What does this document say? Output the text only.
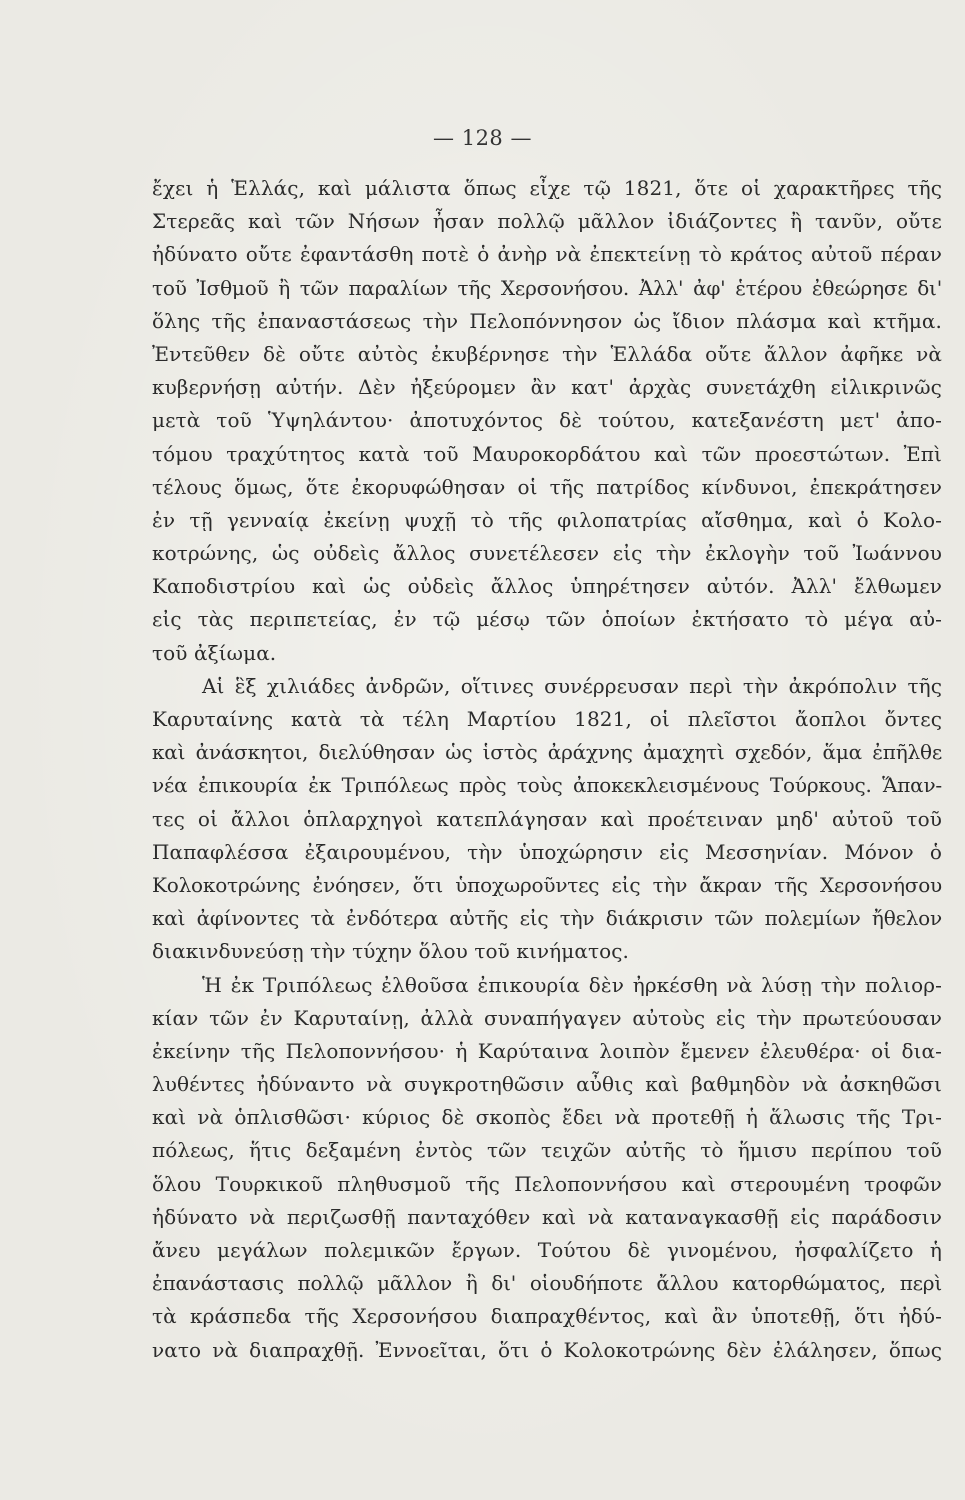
— 128 —
ἔχει ἡ Ἑλλάς, καὶ μάλιστα ὅπως εἶχε τῷ 1821, ὅτε οἱ χαρακτῆρες τῆς
Στερεᾶς καὶ τῶν Νήσων ἦσαν πολλῷ μᾶλλον ἰδιάζοντες ἢ τανῦν, οὔτε
ἠδύνατο οὔτε ἐφαντάσθη ποτὲ ὁ ἀνὴρ νὰ ἐπεκτείνῃ τὸ κράτος αὐτοῦ πέραν
τοῦ Ἰσθμοῦ ἢ τῶν παραλίων τῆς Χερσονήσου. Ἀλλ' ἀφ' ἑτέρου ἐθεώρησε δι'
ὅλης τῆς ἐπαναστάσεως τὴν Πελοπόννησον ὡς ἴδιον πλάσμα καὶ κτῆμα.
Ἐντεῦθεν δὲ οὔτε αὐτὸς ἐκυβέρνησε τὴν Ἑλλάδα οὔτε ἄλλον ἀφῆκε νὰ
κυβερνήσῃ αὐτήν. Δὲν ἠξεύρομεν ἂν κατ' ἀρχὰς συνετάχθη εἰλικρινῶς
μετὰ τοῦ Ὑψηλάντου· ἀποτυχόντος δὲ τούτου, κατεξανέστη μετ' ἀπο-
τόμου τραχύτητος κατὰ τοῦ Μαυροκορδάτου καὶ τῶν προεστώτων. Ἐπὶ
τέλους ὅμως, ὅτε ἐκορυφώθησαν οἱ τῆς πατρίδος κίνδυνοι, ἐπεκράτησεν
ἐν τῇ γενναίᾳ ἐκείνῃ ψυχῇ τὸ τῆς φιλοπατρίας αἴσθημα, καὶ ὁ Κολο-
κοτρώνης, ὡς οὐδεὶς ἄλλος συνετέλεσεν εἰς τὴν ἐκλογὴν τοῦ Ἰωάννου
Καποδιστρίου καὶ ὡς οὐδεὶς ἄλλος ὑπηρέτησεν αὐτόν. Ἀλλ' ἔλθωμεν
εἰς τὰς περιπετείας, ἐν τῷ μέσῳ τῶν ὁποίων ἐκτήσατο τὸ μέγα αὐ-
τοῦ ἀξίωμα.
Αἱ ἓξ χιλιάδες ἀνδρῶν, οἵτινες συνέρρευσαν περὶ τὴν ἀκρόπολιν τῆς
Καρυταίνης κατὰ τὰ τέλη Μαρτίου 1821, οἱ πλεῖστοι ἄοπλοι ὄντες
καὶ ἀνάσκητοι, διελύθησαν ὡς ἱστὸς ἀράχνης ἀμαχητὶ σχεδόν, ἅμα ἐπῆλθε
νέα ἐπικουρία ἐκ Τριπόλεως πρὸς τοὺς ἀποκεκλεισμένους Τούρκους. Ἅπαν-
τες οἱ ἄλλοι ὁπλαρχηγοὶ κατεπλάγησαν καὶ προέτειναν μηδ' αὐτοῦ τοῦ
Παπαφλέσσα ἐξαιρουμένου, τὴν ὑποχώρησιν εἰς Μεσσηνίαν. Μόνον ὁ
Κολοκοτρώνης ἐνόησεν, ὅτι ὑποχωροῦντες εἰς τὴν ἄκραν τῆς Χερσονήσου
καὶ ἀφίνοντες τὰ ἐνδότερα αὐτῆς εἰς τὴν διάκρισιν τῶν πολεμίων ἤθελον
διακινδυνεύσῃ τὴν τύχην ὅλου τοῦ κινήματος.
Ἡ ἐκ Τριπόλεως ἐλθοῦσα ἐπικουρία δὲν ἠρκέσθη νὰ λύσῃ τὴν πολιορ-
κίαν τῶν ἐν Καρυταίνῃ, ἀλλὰ συναπήγαγεν αὐτοὺς εἰς τὴν πρωτεύουσαν
ἐκείνην τῆς Πελοποννήσου· ἡ Καρύταινα λοιπὸν ἔμενεν ἐλευθέρα· οἱ δια-
λυθέντες ἠδύναντο νὰ συγκροτηθῶσιν αὖθις καὶ βαθμηδὸν νὰ ἀσκηθῶσι
καὶ νὰ ὁπλισθῶσι· κύριος δὲ σκοπὸς ἔδει νὰ προτεθῇ ἡ ἅλωσις τῆς Τρι-
πόλεως, ἥτις δεξαμένη ἐντὸς τῶν τειχῶν αὐτῆς τὸ ἥμισυ περίπου τοῦ
ὅλου Τουρκικοῦ πληθυσμοῦ τῆς Πελοποννήσου καὶ στερουμένη τροφῶν
ἠδύνατο νὰ περιζωσθῇ πανταχόθεν καὶ νὰ καταναγκασθῇ εἰς παράδοσιν
ἄνευ μεγάλων πολεμικῶν ἔργων. Τούτου δὲ γινομένου, ἠσφαλίζετο ἡ
ἐπανάστασις πολλῷ μᾶλλον ἢ δι' οἱουδήποτε ἄλλου κατορθώματος, περὶ
τὰ κράσπεδα τῆς Χερσονήσου διαπραχθέντος, καὶ ἂν ὑποτεθῇ, ὅτι ἠδύ-
νατο νὰ διαπραχθῇ. Ἐννοεῖται, ὅτι ὁ Κολοκοτρώνης δὲν ἐλάλησεν, ὅπως
